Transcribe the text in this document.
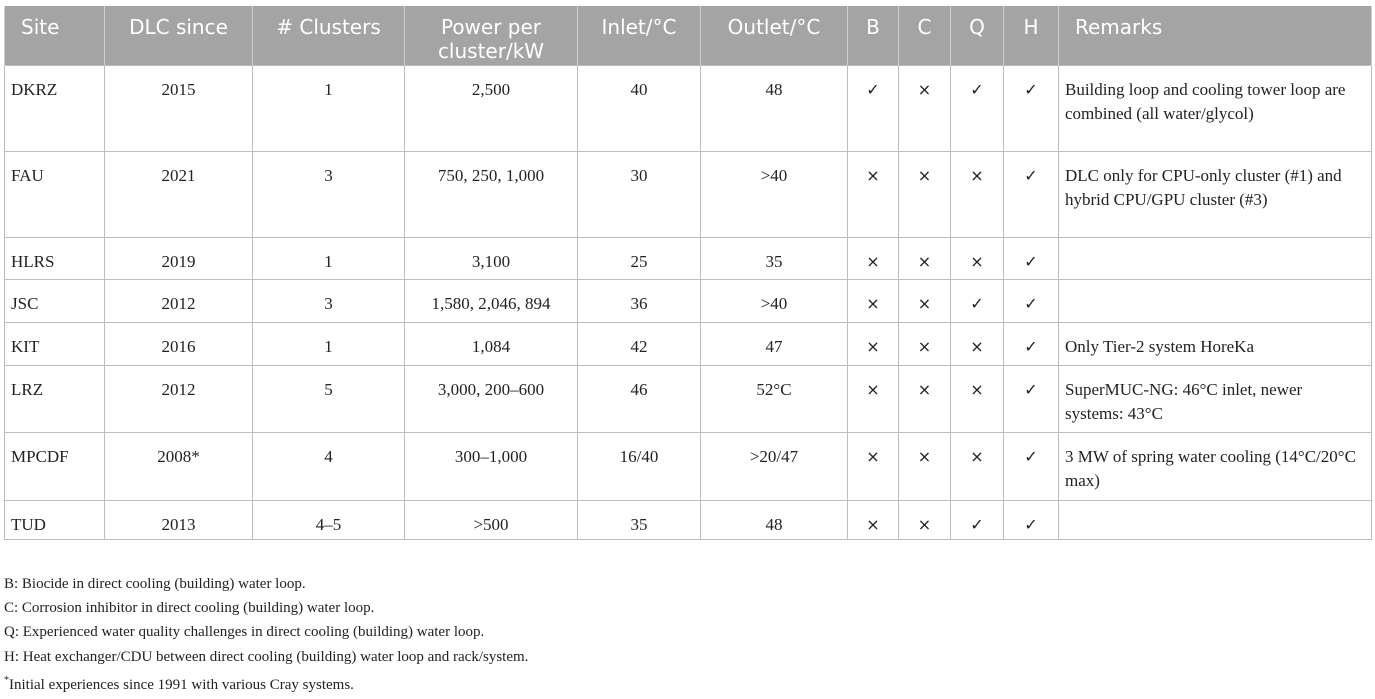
Site	DLC since	# Clusters	Power per cluster/kW	Inlet/°C	Outlet/°C	B	C	Q	H	Remarks
DKRZ	2015	1	2,500	40	48	✓	×	✓	✓	Building loop and cooling tower loop are combined (all water/glycol)
FAU	2021	3	750, 250, 1,000	30	>40	×	×	×	✓	DLC only for CPU-only cluster (#1) and hybrid CPU/GPU cluster (#3)
HLRS	2019	1	3,100	25	35	×	×	×	✓	
JSC	2012	3	1,580, 2,046, 894	36	>40	×	×	✓	✓	
KIT	2016	1	1,084	42	47	×	×	×	✓	Only Tier-2 system HoreKa
LRZ	2012	5	3,000, 200–600	46	52°C	×	×	×	✓	SuperMUC-NG: 46°C inlet, newer systems: 43°C
MPCDF	2008*	4	300–1,000	16/40	>20/47	×	×	×	✓	3 MW of spring water cooling (14°C/20°C max)
TUD	2013	4–5	>500	35	48	×	×	✓	✓	
B: Biocide in direct cooling (building) water loop.
C: Corrosion inhibitor in direct cooling (building) water loop.
Q: Experienced water quality challenges in direct cooling (building) water loop.
H: Heat exchanger/CDU between direct cooling (building) water loop and rack/system.
*Initial experiences since 1991 with various Cray systems.
